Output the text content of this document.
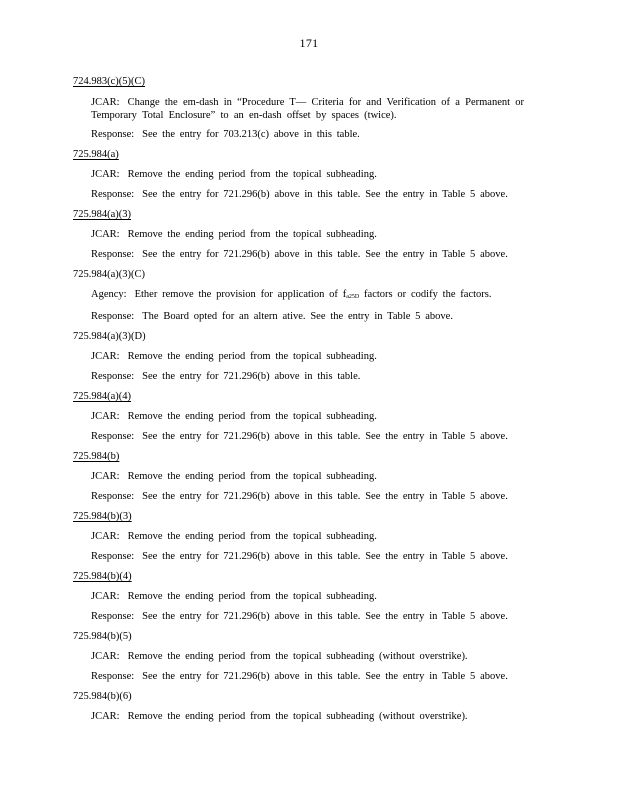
171
724.983(c)(5)(C)
JCAR: Change the em-dash in “Procedure T— Criteria for and Verification of a Permanent or Temporary Total Enclosure” to an en-dash offset by spaces (twice).
Response: See the entry for 703.213(c) above in this table.
725.984(a)
JCAR: Remove the ending period from the topical subheading.
Response: See the entry for 721.296(b) above in this table. See the entry in Table 5 above.
725.984(a)(3)
JCAR: Remove the ending period from the topical subheading.
Response: See the entry for 721.296(b) above in this table. See the entry in Table 5 above.
725.984(a)(3)(C)
Agency: Ether remove the provision for application of $f_{a25D}$ factors or codify the factors.
Response: The Board opted for an altern ative. See the entry in Table 5 above.
725.984(a)(3)(D)
JCAR: Remove the ending period from the topical subheading.
Response: See the entry for 721.296(b) above in this table.
725.984(a)(4)
JCAR: Remove the ending period from the topical subheading.
Response: See the entry for 721.296(b) above in this table. See the entry in Table 5 above.
725.984(b)
JCAR: Remove the ending period from the topical subheading.
Response: See the entry for 721.296(b) above in this table. See the entry in Table 5 above.
725.984(b)(3)
JCAR: Remove the ending period from the topical subheading.
Response: See the entry for 721.296(b) above in this table. See the entry in Table 5 above.
725.984(b)(4)
JCAR: Remove the ending period from the topical subheading.
Response: See the entry for 721.296(b) above in this table. See the entry in Table 5 above.
725.984(b)(5)
JCAR: Remove the ending period from the topical subheading (without overstrike).
Response: See the entry for 721.296(b) above in this table. See the entry in Table 5 above.
725.984(b)(6)
JCAR: Remove the ending period from the topical subheading (without overstrike).
